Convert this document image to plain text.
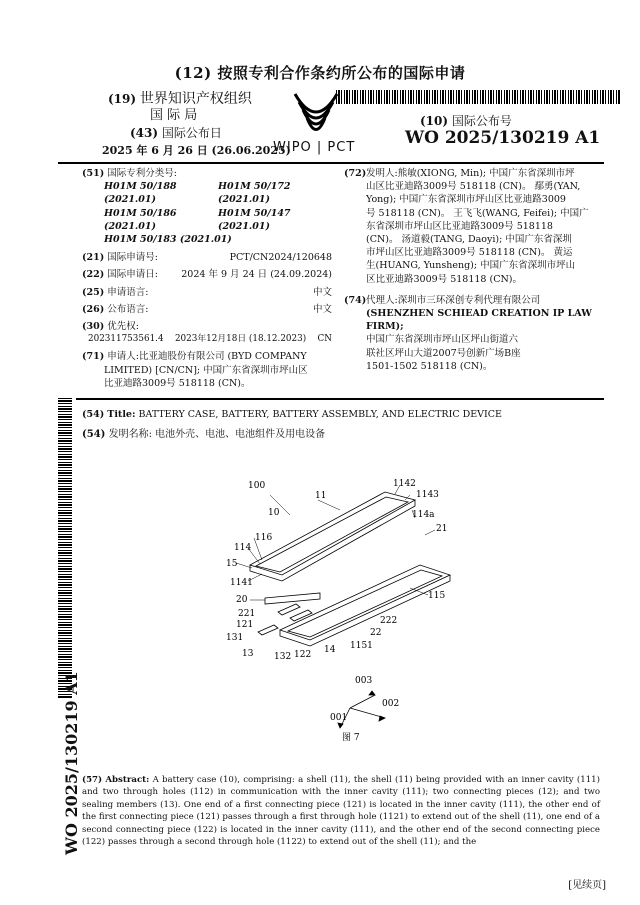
(12) 按照专利合作条约所公布的国际申请
(19) 世界知识产权组织
国 际 局
(43) 国际公布日
2025 年 6 月 26 日 (26.06.2025)
WIPO | PCT
(10) 国际公布号
WO 2025/130219 A1
(51) 国际专利分类号:
H01M 50/188 (2021.01)
H01M 50/172 (2021.01)
H01M 50/186 (2021.01)
H01M 50/147 (2021.01)
H01M 50/183 (2021.01)
(21) 国际申请号:	PCT/CN2024/120648
(22) 国际申请日: 2024 年 9 月 24 日 (24.09.2024)
(25) 申请语言:	中文
(26) 公布语言:	中文
(30) 优先权:
202311753561.4 2023年12月18日 (18.12.2023) CN
(71) 申请人:比亚迪股份有限公司 (BYD COMPANY
LIMITED) [CN/CN]; 中国广东省深圳市坪山区
比亚迪路3009号 518118 (CN)。
(72) 发明人:熊敏(XIONG, Min); 中国广东省深圳市坪
山区比亚迪路3009号 518118 (CN)。 鄢勇(YAN,
Yong); 中国广东省深圳市坪山区比亚迪路3009
号 518118 (CN)。 王飞飞(WANG, Feifei); 中国广
东省深圳市坪山区比亚迪路3009号 518118
(CN)。 汤道毅(TANG, Daoyi); 中国广东省深圳
市坪山区比亚迪路3009号 518118 (CN)。 黄运
生(HUANG, Yunsheng); 中国广东省深圳市坪山
区比亚迪路3009号 518118 (CN)。
(74) 代理人:深圳市三环深创专利代理有限公司
(SHENZHEN SCHIEAD CREATION IP LAW FIRM);
中国广东省深圳市坪山区坪山街道六
联社区坪山大道2007号创新广场B座
1501-1502 518118 (CN)。
WO 2025/130219 A1
(54) Title: BATTERY CASE, BATTERY, BATTERY ASSEMBLY, AND ELECTRIC DEVICE
(54) 发明名称: 电池外壳、电池、电池组件及用电设备
100
11
10
1142
1143
114a
21
116
114
15
1141
20	115
221
121
131
13 132 122 14 1151
222
22
003
002
001
图 7
(57) Abstract: A battery case (10), comprising: a shell (11), the shell (11) being provided with an inner cavity (111) and two through holes (112) in communication with the inner cavity (111); two connecting pieces (12); and two sealing members (13). One end of a first connecting piece (121) is located in the inner cavity (111), the other end of the first connecting piece (121) passes through a first through hole (1121) to extend out of the shell (11), one end of a second connecting piece (122) is located in the inner cavity (111), and the other end of the second connecting piece (122) passes through a second through hole (1122) to extend out of the shell (11); and the
[见续页]
